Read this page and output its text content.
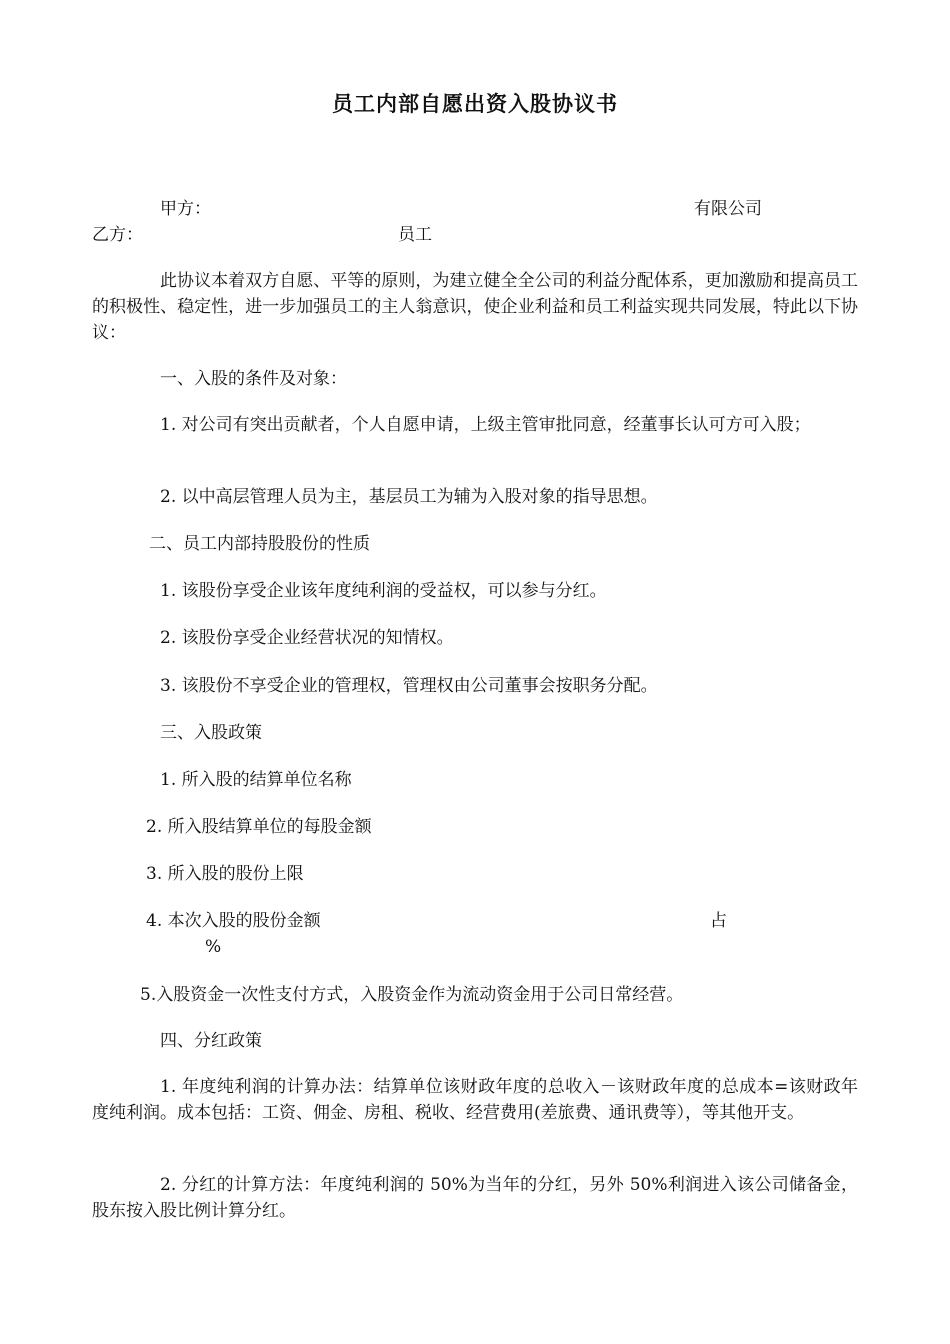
员工内部自愿出资入股协议书
甲方：	有限公司
乙方：	员工
此协议本着双方自愿、平等的原则，为建立健全全公司的利益分配体系，更加激励和提高员工的积极性、稳定性，进一步加强员工的主人翁意识，使企业利益和员工利益实现共同发展，特此以下协议：
一、入股的条件及对象：
1. 对公司有突出贡献者，个人自愿申请，上级主管审批同意，经董事长认可方可入股；
2. 以中高层管理人员为主，基层员工为辅为入股对象的指导思想。
二、员工内部持股股份的性质
1. 该股份享受企业该年度纯利润的受益权，可以参与分红。
2. 该股份享受企业经营状况的知情权。
3. 该股份不享受企业的管理权，管理权由公司董事会按职务分配。
三、入股政策
1. 所入股的结算单位名称
2. 所入股结算单位的每股金额
3. 所入股的股份上限
4. 本次入股的股份金额	占
%
5.入股资金一次性支付方式，入股资金作为流动资金用于公司日常经营。
四、分红政策
1. 年度纯利润的计算办法：结算单位该财政年度的总收入－该财政年度的总成本=该财政年度纯利润。成本包括：工资、佣金、房租、税收、经营费用(差旅费、通讯费等），等其他开支。
2. 分红的计算方法：年度纯利润的 50%为当年的分红，另外 50%利润进入该公司储备金，股东按入股比例计算分红。
